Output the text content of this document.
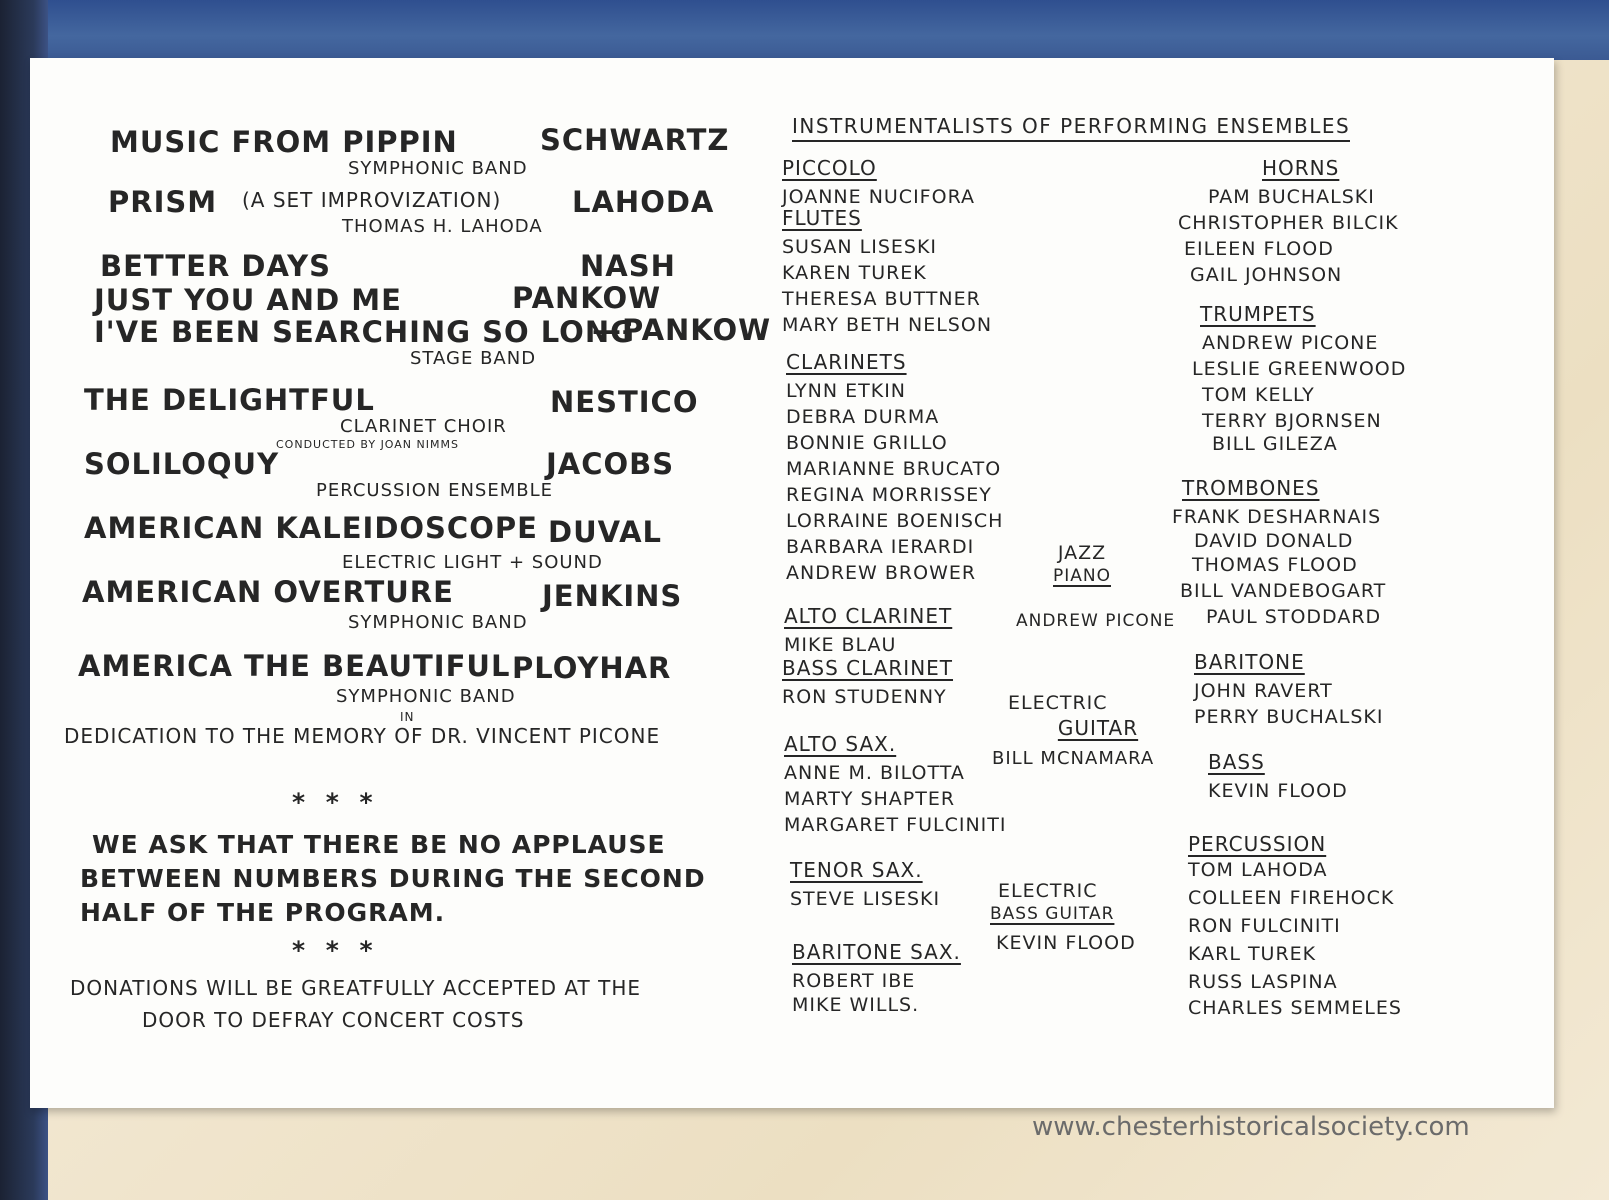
MUSIC FROM PIPPIN	SCHWARTZ
SYMPHONIC BAND
PRISM (A SET IMPROVIZATION) LAHODA
THOMAS H. LAHODA
BETTER DAYS	NASH
JUST YOU AND ME	PANKOW
I'VE BEEN SEARCHING SO LONG
—PANKOW
STAGE BAND
THE DELIGHTFUL	NESTICO
CLARINET CHOIR
CONDUCTED BY JOAN NIMMS
SOLILOQUY	JACOBS
PERCUSSION ENSEMBLE
AMERICAN KALEIDOSCOPE DUVAL
ELECTRIC LIGHT + SOUND
AMERICAN OVERTURE	JENKINS
SYMPHONIC BAND
AMERICA THE BEAUTIFUL PLOYHAR
SYMPHONIC BAND
IN
DEDICATION TO THE MEMORY OF DR. VINCENT PICONE
* * *
WE ASK THAT THERE BE NO APPLAUSE
BETWEEN NUMBERS DURING THE SECOND
HALF OF THE PROGRAM.
* * *
DONATIONS WILL BE GREATFULLY ACCEPTED AT THE
DOOR TO DEFRAY CONCERT COSTS
INSTRUMENTALISTS OF PERFORMING ENSEMBLES
PICCOLO
JOANNE NUCIFORA
FLUTES
SUSAN LISESKI
KAREN TUREK
THERESA BUTTNER
MARY BETH NELSON
CLARINETS
LYNN ETKIN
DEBRA DURMA
BONNIE GRILLO
MARIANNE BRUCATO
REGINA MORRISSEY
LORRAINE BOENISCH
BARBARA IERARDI
ANDREW BROWER
ALTO CLARINET
MIKE BLAU
BASS CLARINET
RON STUDENNY
ALTO SAX.
ANNE M. BILOTTA
MARTY SHAPTER
MARGARET FULCINITI
TENOR SAX.
STEVE LISESKI
BARITONE SAX.
ROBERT IBE
MIKE WILLS.
JAZZ
PIANO
ANDREW PICONE
ELECTRIC
GUITAR
BILL MCNAMARA
ELECTRIC
BASS GUITAR
KEVIN FLOOD
HORNS
PAM BUCHALSKI
CHRISTOPHER BILCIK
EILEEN FLOOD
GAIL JOHNSON
TRUMPETS
ANDREW PICONE
LESLIE GREENWOOD
TOM KELLY
TERRY BJORNSEN
BILL GILEZA
TROMBONES
FRANK DESHARNAIS
DAVID DONALD
THOMAS FLOOD
BILL VANDEBOGART
PAUL STODDARD
BARITONE
JOHN RAVERT
PERRY BUCHALSKI
BASS
KEVIN FLOOD
PERCUSSION
TOM LAHODA
COLLEEN FIREHOCK
RON FULCINITI
KARL TUREK
RUSS LASPINA
CHARLES SEMMELES
www.chesterhistoricalsociety.com
